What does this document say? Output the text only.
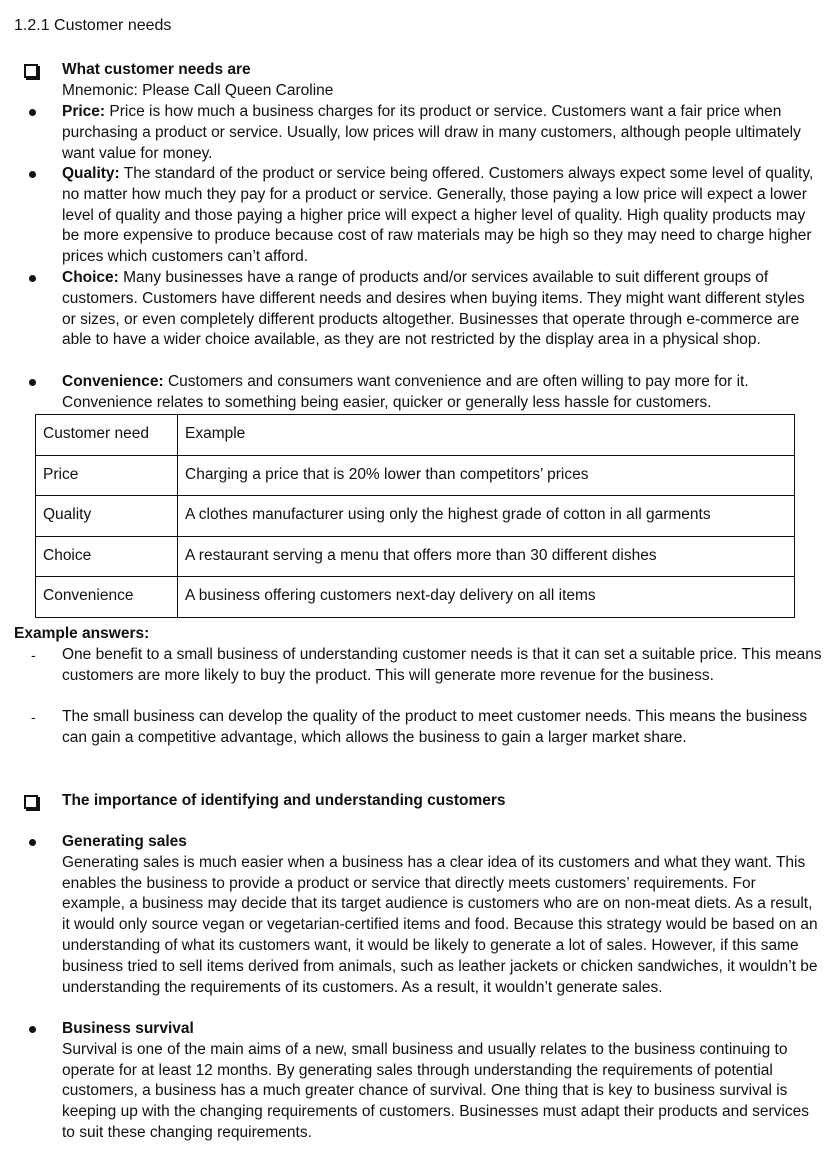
1.2.1 Customer needs
What customer needs are
Mnemonic: Please Call Queen Caroline
Price: Price is how much a business charges for its product or service. Customers want a fair price when purchasing a product or service. Usually, low prices will draw in many customers, although people ultimately want value for money.
Quality: The standard of the product or service being offered. Customers always expect some level of quality, no matter how much they pay for a product or service. Generally, those paying a low price will expect a lower level of quality and those paying a higher price will expect a higher level of quality. High quality products may be more expensive to produce because cost of raw materials may be high so they may need to charge higher prices which customers can’t afford.
Choice: Many businesses have a range of products and/or services available to suit different groups of customers. Customers have different needs and desires when buying items. They might want different styles or sizes, or even completely different products altogether. Businesses that operate through e-commerce are able to have a wider choice available, as they are not restricted by the display area in a physical shop.
Convenience: Customers and consumers want convenience and are often willing to pay more for it. Convenience relates to something being easier, quicker or generally less hassle for customers.
Customer need	Example
Price	Charging a price that is 20% lower than competitors’ prices
Quality	A clothes manufacturer using only the highest grade of cotton in all garments
Choice	A restaurant serving a menu that offers more than 30 different dishes
Convenience	A business offering customers next-day delivery on all items
Example answers:
- One benefit to a small business of understanding customer needs is that it can set a suitable price. This means customers are more likely to buy the product. This will generate more revenue for the business.
- The small business can develop the quality of the product to meet customer needs. This means the business can gain a competitive advantage, which allows the business to gain a larger market share.
The importance of identifying and understanding customers
Generating sales
Generating sales is much easier when a business has a clear idea of its customers and what they want. This enables the business to provide a product or service that directly meets customers’ requirements. For example, a business may decide that its target audience is customers who are on non-meat diets. As a result, it would only source vegan or vegetarian-certified items and food. Because this strategy would be based on an understanding of what its customers want, it would be likely to generate a lot of sales. However, if this same business tried to sell items derived from animals, such as leather jackets or chicken sandwiches, it wouldn’t be understanding the requirements of its customers. As a result, it wouldn’t generate sales.
Business survival
Survival is one of the main aims of a new, small business and usually relates to the business continuing to operate for at least 12 months. By generating sales through understanding the requirements of potential customers, a business has a much greater chance of survival. One thing that is key to business survival is keeping up with the changing requirements of customers. Businesses must adapt their products and services to suit these changing requirements.
